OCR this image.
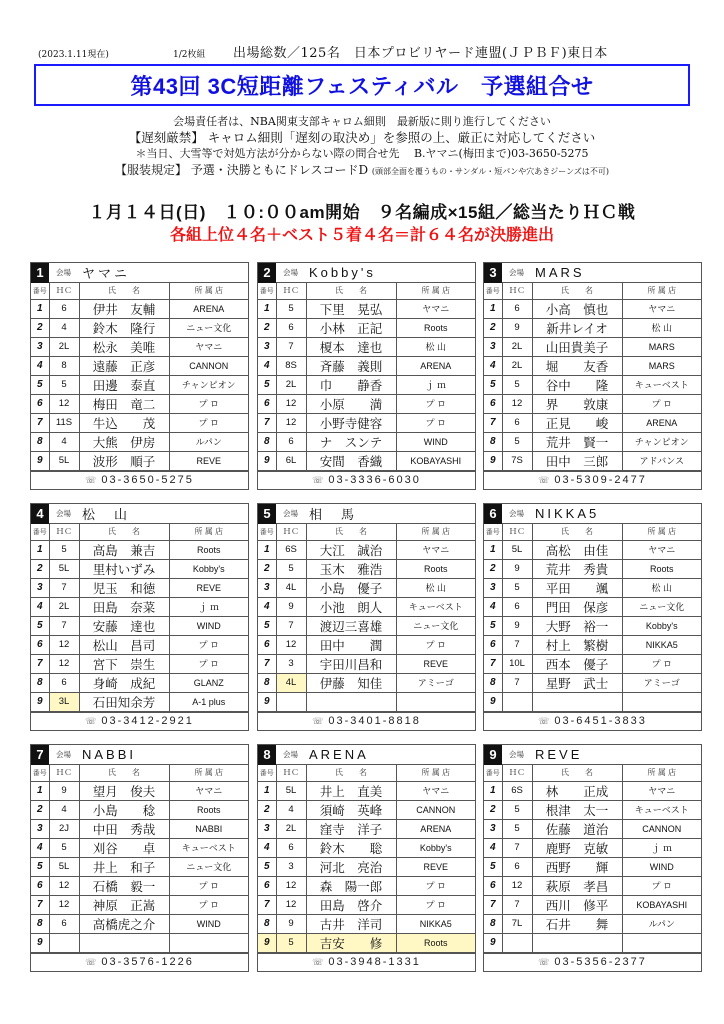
(2023.1.11現在)	1/2枚組	出場総数／125名　日本プロビリヤード連盟(ＪＰＢＦ)東日本
第43回 3C短距離フェスティバル　予選組合せ
会場責任者は、NBA関東支部キャロム細則　最新版に則り進行してください
【遅刻厳禁】 キャロム細則「遅刻の取決め」を参照の上、厳正に対応してください
＊当日、大雪等で対処方法が分からない際の問合せ先　 B.ヤマニ(梅田まで)03-3650-5275
【服装規定】 予選・決勝ともにドレスコードD (頭部全面を覆うもの・サンダル・短パンや穴あきジーンズは不可)
１月１４日(日)　１０:００am開始　９名編成×15組／総当たりＨＣ戦
各組上位４名＋ベスト５着４名＝計６４名が決勝進出
1	会場 ヤマニ
番号	ＨＣ	氏　　名	所 属 店
1	6	伊井　友輔	ARENA
2	4	鈴木　隆行	ニュー文化
3	2L	松永　美唯	ヤマニ
4	8	遠藤　正彦	CANNON
5	5	田邊　泰直	チャンピオン
6	12	梅田　竜二	プ ロ
7	11S	牛込　　茂	プ ロ
8	4	大熊　伊房	ルパン
9	5L	波形　順子	REVE
☏ 03-3650-5275
2	会場 Kobby's
番号	ＨＣ	氏　　名	所 属 店
1	5	下里　晃弘	ヤマニ
2	6	小林　正記	Roots
3	7	榎本　達也	松 山
4	8S	斉藤　義則	ARENA
5	2L	巾　　静香	ｊ ｍ
6	12	小原　　満	プ ロ
7	12	小野寺健容	プ ロ
8	6	ナ　スンテ	WIND
9	6L	安間　香織	KOBAYASHI
☏ 03-3336-6030
3	会場 MARS
番号	ＨＣ	氏　　名	所 属 店
1	6	小高　慎也	ヤマニ
2	9	新井レイオ	松 山
3	2L	山田貴美子	MARS
4	2L	堀　　友香	MARS
5	5	谷中　　隆	キューベスト
6	12	界　　敦康	プ ロ
7	6	正見　　峻	ARENA
8	5	荒井　賢一	チャンピオン
9	7S	田中　三郎	アドバンス
☏ 03-5309-2477
4	会場 松　山
番号	ＨＣ	氏　　名	所 属 店
1	5	高島　兼吉	Roots
2	5L	里村いずみ	Kobby's
3	7	児玉　和徳	REVE
4	2L	田島　奈菜	ｊ ｍ
5	7	安藤　達也	WIND
6	12	松山　昌司	プ ロ
7	12	宮下　崇生	プ ロ
8	6	身崎　成紀	GLANZ
9	3L	石田知余芳	A-1 plus
☏ 03-3412-2921
5	会場 相　馬
番号	ＨＣ	氏　　名	所 属 店
1	6S	大江　誠治	ヤマニ
2	5	玉木　雅浩	Roots
3	4L	小島　優子	松 山
4	9	小池　朗人	キューベスト
5	7	渡辺三喜雄	ニュー文化
6	12	田中　　潤	プ ロ
7	3	宇田川昌和	REVE
8	4L	伊藤　知佳	アミーゴ
9			
☏ 03-3401-8818
6	会場 NIKKA5
番号	ＨＣ	氏　　名	所 属 店
1	5L	高松　由佳	ヤマニ
2	9	荒井　秀貴	Roots
3	5	平田　　颯	松 山
4	6	門田　保彦	ニュー文化
5	9	大野　裕一	Kobby's
6	7	村上　繁樹	NIKKA5
7	10L	西本　優子	プ ロ
8	7	星野　武士	アミーゴ
9			
☏ 03-6451-3833
7	会場 NABBI
番号	ＨＣ	氏　　名	所 属 店
1	9	望月　俊夫	ヤマニ
2	4	小島　　稔	Roots
3	2J	中田　秀哉	NABBI
4	5	刈谷　　卓	キューベスト
5	5L	井上　和子	ニュー文化
6	12	石橋　毅一	プ ロ
7	12	神原　正嵩	プ ロ
8	6	高橋虎之介	WIND
9			
☏ 03-3576-1226
8	会場 ARENA
番号	ＨＣ	氏　　名	所 属 店
1	5L	井上　直美	ヤマニ
2	4	須崎　英峰	CANNON
3	2L	窪寺　洋子	ARENA
4	6	鈴木　　聡	Kobby's
5	3	河北　亮治	REVE
6	12	森　陽一郎	プ ロ
7	12	田島　啓介	プ ロ
8	9	古井　洋司	NIKKA5
9	5	吉安　　修	Roots
☏ 03-3948-1331
9	会場 REVE
番号	ＨＣ	氏　　名	所 属 店
1	6S	林　　正成	ヤマニ
2	5	根津　太一	キューベスト
3	5	佐藤　道治	CANNON
4	7	鹿野　克敏	ｊ ｍ
5	6	西野　　輝	WIND
6	12	萩原　孝昌	プ ロ
7	7	西川　修平	KOBAYASHI
8	7L	石井　　舞	ルパン
9			
☏ 03-5356-2377
